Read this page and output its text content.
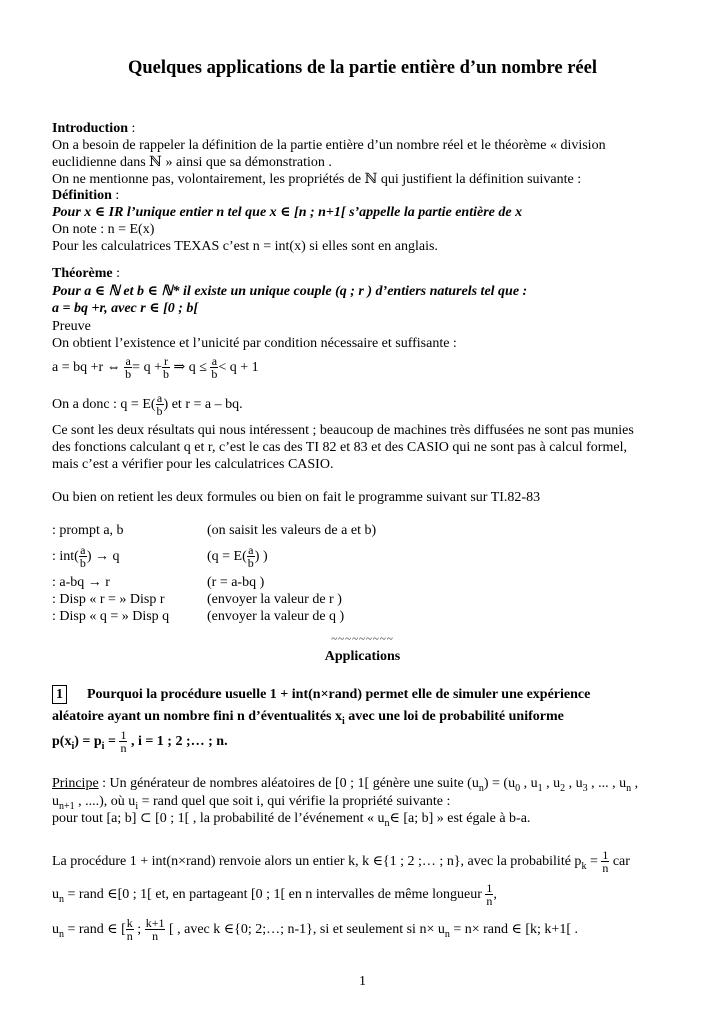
Quelques applications de la partie entière d’un nombre réel
Introduction :
On a besoin de rappeler la définition de la partie entière d’un nombre réel et le théorème « division
euclidienne dans ℕ » ainsi que sa démonstration .
On ne mentionne pas, volontairement, les propriétés de ℕ qui justifient la définition suivante :
Définition :
Pour x ∈ IR l’unique entier n tel que x ∈ [n ; n+1[ s’appelle la partie entière de x
On note : n = E(x)
Pour les calculatrices TEXAS c’est n = int(x) si elles sont en anglais.
Théorème :
Pour a ∈ ℕ et b ∈ ℕ* il existe un unique couple (q ; r ) d’entiers naturels tel que :
a = bq +r, avec r ∈ [0 ; b[
Preuve
On obtient l’existence et l’unicité par condition nécessaire et suffisante :
a = bq +r ⇔ $\frac{a}{b} = q + \frac{r}{b}$ ⇒ $q \le \frac{a}{b} < q + 1$
On a donc : $q = E( \frac{a}{b}$ ) et r = a – bq.
Ce sont les deux résultats qui nous intéressent ; beaucoup de machines très diffusées ne sont pas munies
des fonctions calculant q et r, c’est le cas des TI 82 et 83 et des CASIO qui ne sont pas à calcul formel,
mais c’est a vérifier pour les calculatrices CASIO.
Ou bien on retient les deux formules ou bien on fait le programme suivant sur TI.82-83
: prompt a, b	(on saisit les valeurs de a et b)
: $int( \frac{a}{b}$ ) → q	($q = E( \frac{a}{b}$ ) )
: a-bq → r	(r = a-bq )
: Disp « r = » Disp r	(envoyer la valeur de r )
: Disp « q = » Disp q	(envoyer la valeur de q )
~~~~~~~~~
Applications
1 Pourquoi la procédure usuelle 1 + int(n×rand) permet elle de simuler une expérience
aléatoire ayant un nombre fini n d’éventualités $x_i$ avec une loi de probabilité uniforme
$p(x_i) = p_i = \frac{1}{n}$ , i = 1 ; 2 ;… ; n.
Principe : Un générateur de nombres aléatoires de [0 ; 1[ génère une suite $(u_n) = (u_0$ , $u_1$ , $u_2$ , $u_3$ , ... , $u_n$ ,
$u_{n+1}$ , ....), où $u_i$ = rand quel que soit i, qui vérifie la propriété suivante :
pour tout [a; b] ⊂ [0 ; 1[ , la probabilité de l’événement « $u_n\in$ [a; b] » est égale à b-a.
La procédure 1 + int(n×rand) renvoie alors un entier k, k ∈{1 ; 2 ;… ; n}, avec la probabilité $p_k = \frac{1}{n}$ car
$u_n$ = rand ∈[0 ; 1[ et, en partageant [0 ; 1[ en n intervalles de même longueur $\frac{1}{n}$ ,
$u_n$ = rand ∈ [ $\frac{k}{n}$ ; $\frac{k+1}{n}$ [ , avec k ∈{0; 2;…; n-1}, si et seulement si $n\times u_n = n\times$ rand ∈ [k; k+1[ .
1
